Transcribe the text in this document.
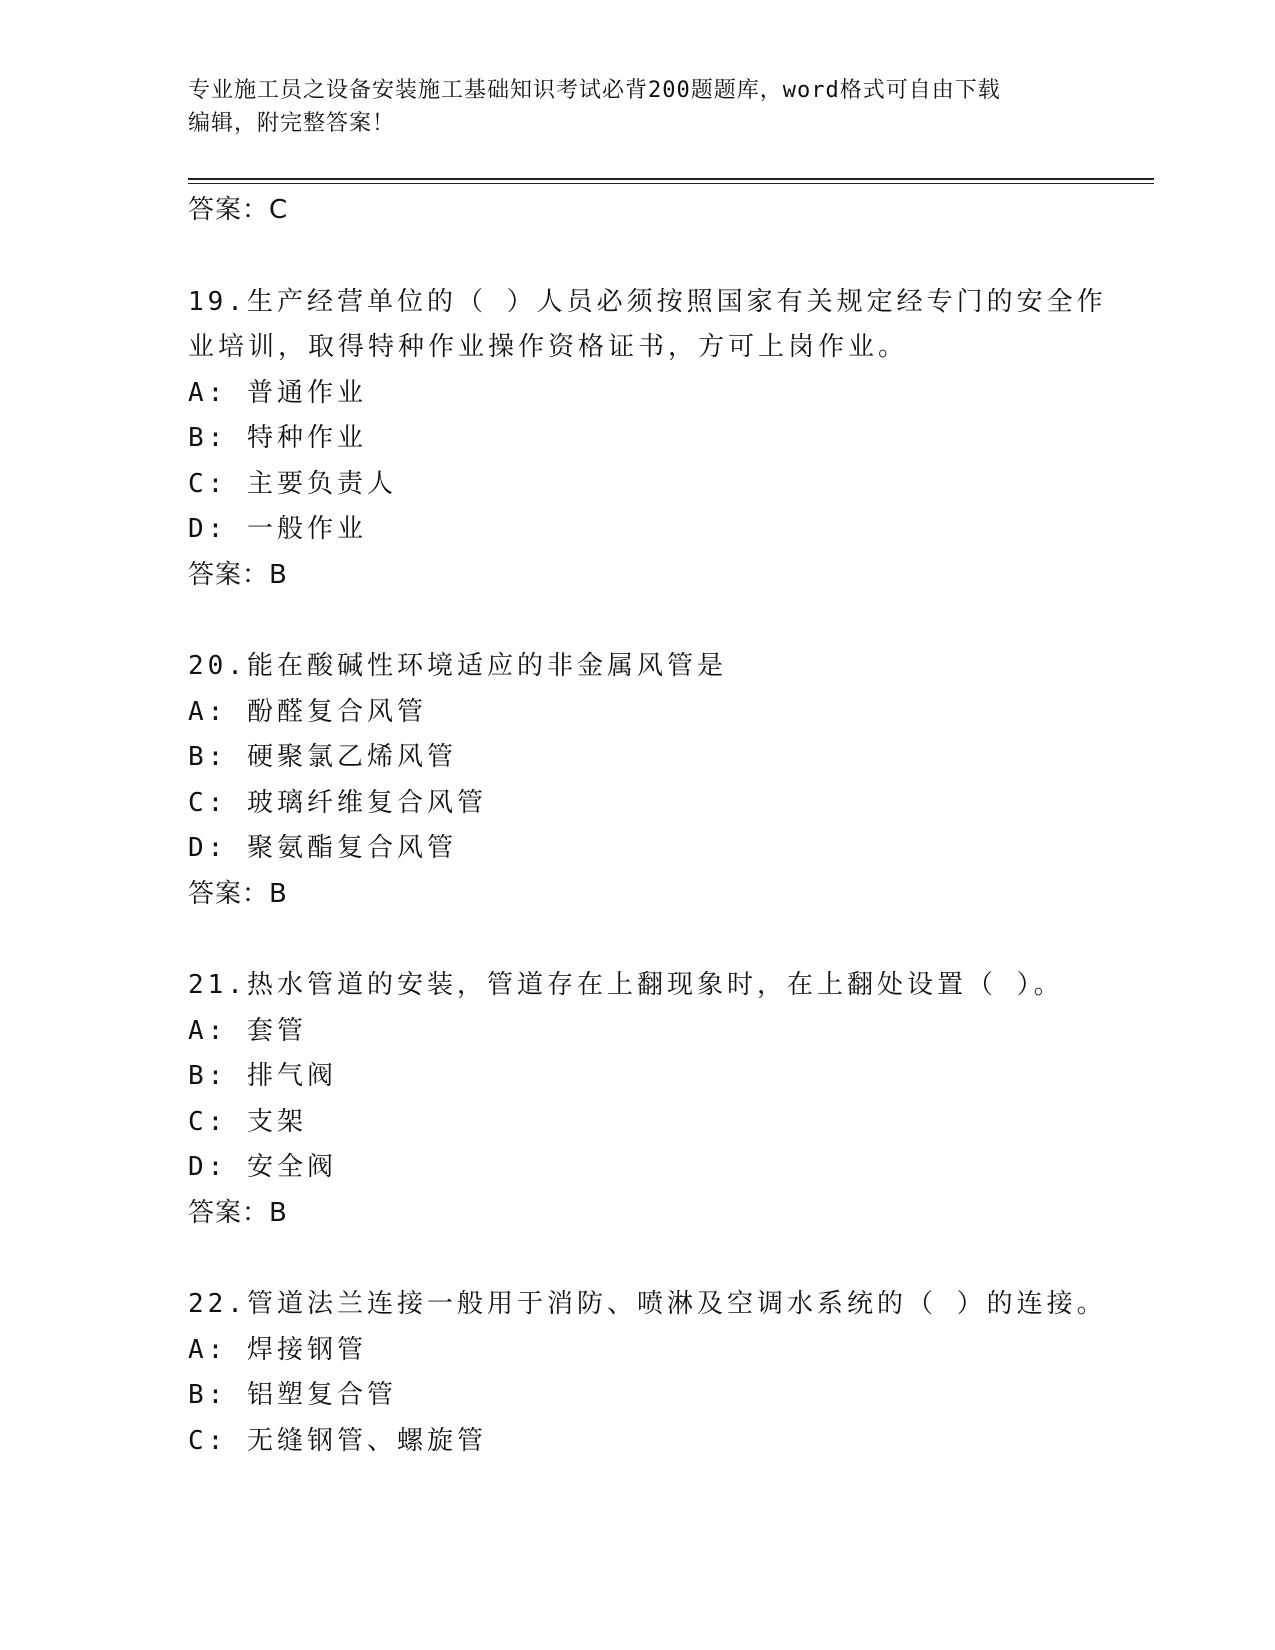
专业施工员之设备安装施工基础知识考试必背200题题库，word格式可自由下载
编辑，附完整答案！
答案：C
19.生产经营单位的（ ）人员必须按照国家有关规定经专门的安全作
业培训，取得特种作业操作资格证书，方可上岗作业。
A: 普通作业
B: 特种作业
C: 主要负责人
D: 一般作业
答案：B
20.能在酸碱性环境适应的非金属风管是
A: 酚醛复合风管
B: 硬聚氯乙烯风管
C: 玻璃纤维复合风管
D: 聚氨酯复合风管
答案：B
21.热水管道的安装，管道存在上翻现象时，在上翻处设置（ ）。
A: 套管
B: 排气阀
C: 支架
D: 安全阀
答案：B
22.管道法兰连接一般用于消防、喷淋及空调水系统的（ ）的连接。
A: 焊接钢管
B: 铝塑复合管
C: 无缝钢管、螺旋管
